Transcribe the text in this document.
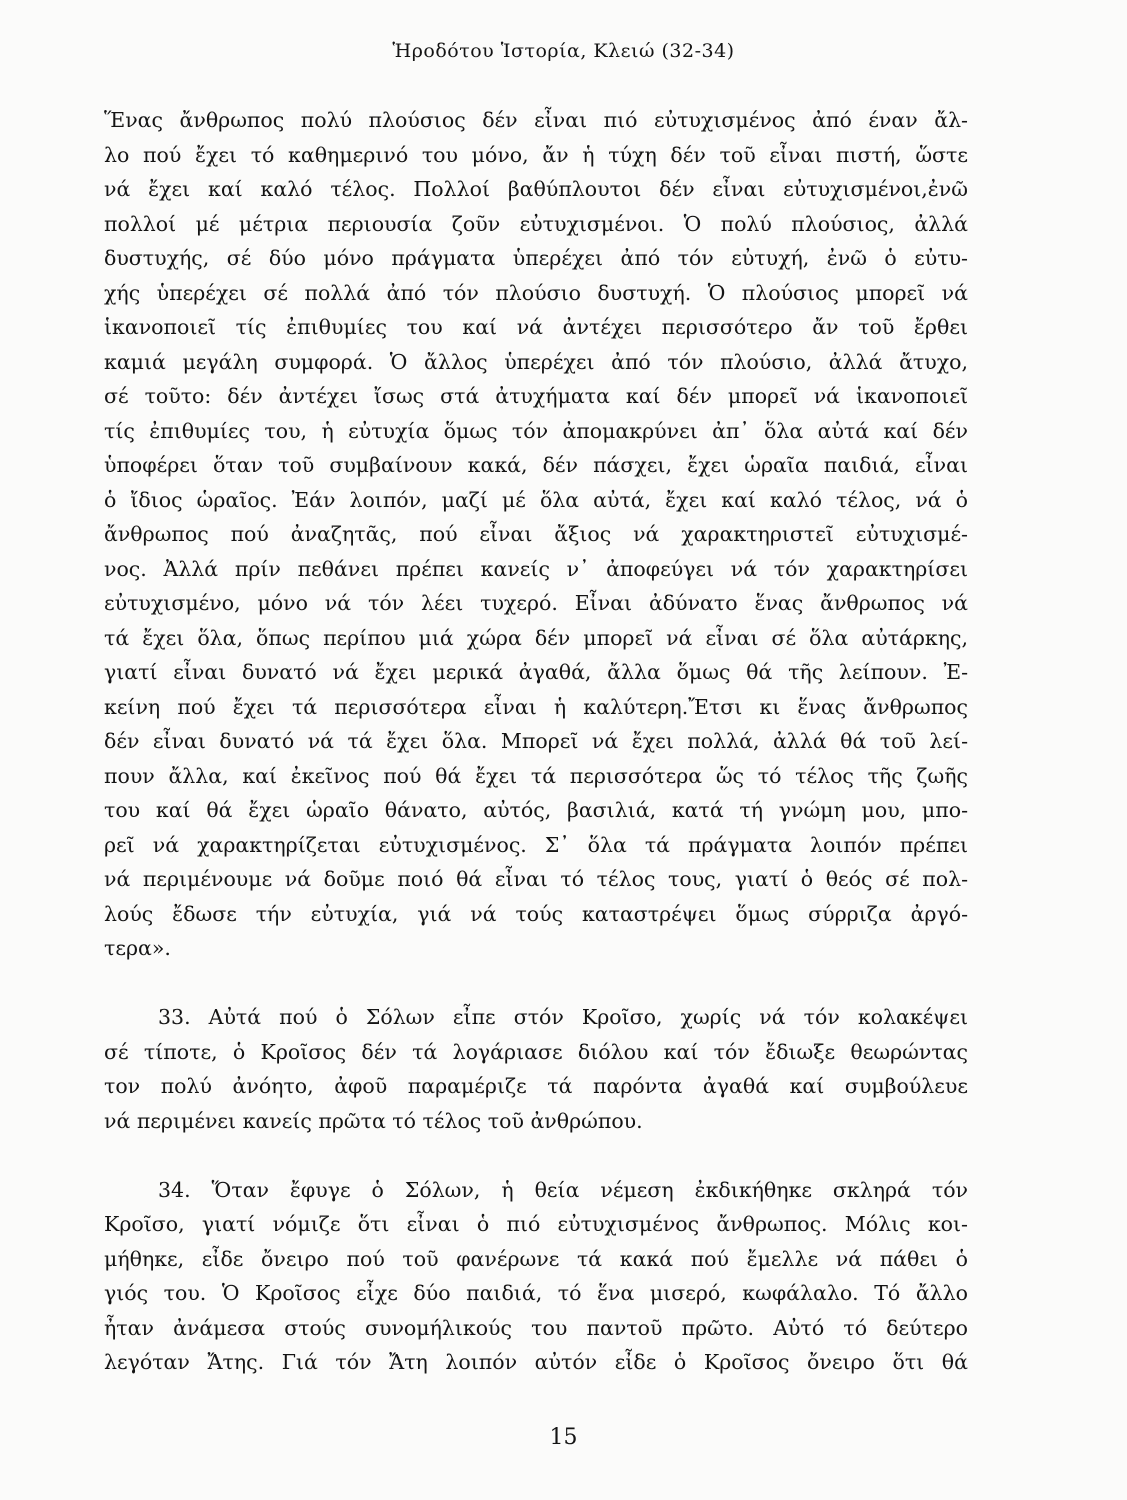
Ἡροδότου Ἱστορία, Κλειώ (32-34)
Ἕνας ἄνθρωπος πολύ πλούσιος δέν εἶναι πιό εὐτυχισμένος ἀπό έναν ἄλ-
λο πού ἔχει τό καθημερινό του μόνο, ἄν ἡ τύχη δέν τοῦ εἶναι πιστή, ὥστε
νά ἔχει καί καλό τέλος. Πολλοί βαθύπλουτοι δέν εἶναι εὐτυχισμένοι,ἐνῶ
πολλοί μέ μέτρια περιουσία ζοῦν εὐτυχισμένοι. Ὁ πολύ πλούσιος, ἀλλά
δυστυχής, σέ δύο μόνο πράγματα ὑπερέχει ἀπό τόν εὐτυχή, ἐνῶ ὁ εὐτυ-
χής ὑπερέχει σέ πολλά ἀπό τόν πλούσιο δυστυχή. Ὁ πλούσιος μπορεῖ νά
ἱκανοποιεῖ τίς ἐπιθυμίες του καί νά ἀντέχει περισσότερο ἄν τοῦ ἔρθει
καμιά μεγάλη συμφορά. Ὁ ἄλλος ὑπερέχει ἀπό τόν πλούσιο, ἀλλά ἄτυχο,
σέ τοῦτο: δέν ἀντέχει ἴσως στά ἀτυχήματα καί δέν μπορεῖ νά ἱκανοποιεῖ
τίς ἐπιθυμίες του, ἡ εὐτυχία ὅμως τόν ἀπομακρύνει ἀπ᾽ ὅλα αὐτά καί δέν
ὑποφέρει ὅταν τοῦ συμβαίνουν κακά, δέν πάσχει, ἔχει ὡραῖα παιδιά, εἶναι
ὁ ἴδιος ὡραῖος. Ἐάν λοιπόν, μαζί μέ ὅλα αὐτά, ἔχει καί καλό τέλος, νά ὁ
ἄνθρωπος πού ἀναζητᾶς, πού εἶναι ἄξιος νά χαρακτηριστεῖ εὐτυχισμέ-
νος. Ἀλλά πρίν πεθάνει πρέπει κανείς ν᾽ ἀποφεύγει νά τόν χαρακτηρίσει
εὐτυχισμένο, μόνο νά τόν λέει τυχερό. Εἶναι ἀδύνατο ἕνας ἄνθρωπος νά
τά ἔχει ὅλα, ὅπως περίπου μιά χώρα δέν μπορεῖ νά εἶναι σέ ὅλα αὐτάρκης,
γιατί εἶναι δυνατό νά ἔχει μερικά ἀγαθά, ἄλλα ὅμως θά τῆς λείπουν. Ἐ-
κείνη πού ἔχει τά περισσότερα εἶναι ἡ καλύτερη.Ἔτσι κι ἕνας ἄνθρωπος
δέν εἶναι δυνατό νά τά ἔχει ὅλα. Μπορεῖ νά ἔχει πολλά, ἀλλά θά τοῦ λεί-
πουν ἄλλα, καί ἐκεῖνος πού θά ἔχει τά περισσότερα ὥς τό τέλος τῆς ζωῆς
του καί θά ἔχει ὡραῖο θάνατο, αὐτός, βασιλιά, κατά τή γνώμη μου, μπο-
ρεῖ νά χαρακτηρίζεται εὐτυχισμένος. Σ᾽ ὅλα τά πράγματα λοιπόν πρέπει
νά περιμένουμε νά δοῦμε ποιό θά εἶναι τό τέλος τους, γιατί ὁ θεός σέ πολ-
λούς ἔδωσε τήν εὐτυχία, γιά νά τούς καταστρέψει ὅμως σύρριζα ἀργό-
τερα».
33. Αὐτά πού ὁ Σόλων εἶπε στόν Κροῖσο, χωρίς νά τόν κολακέψει
σέ τίποτε, ὁ Κροῖσος δέν τά λογάριασε διόλου καί τόν ἔδιωξε θεωρώντας
τον πολύ ἀνόητο, ἀφοῦ παραμέριζε τά παρόντα ἀγαθά καί συμβούλευε
νά περιμένει κανείς πρῶτα τό τέλος τοῦ ἀνθρώπου.
34. Ὅταν ἔφυγε ὁ Σόλων, ἡ θεία νέμεση ἐκδικήθηκε σκληρά τόν
Κροῖσο, γιατί νόμιζε ὅτι εἶναι ὁ πιό εὐτυχισμένος ἄνθρωπος. Μόλις κοι-
μήθηκε, εἶδε ὄνειρο πού τοῦ φανέρωνε τά κακά πού ἔμελλε νά πάθει ὁ
γιός του. Ὁ Κροῖσος εἶχε δύο παιδιά, τό ἕνα μισερό, κωφάλαλο. Τό ἄλλο
ἦταν ἀνάμεσα στούς συνομήλικούς του παντοῦ πρῶτο. Αὐτό τό δεύτερο
λεγόταν Ἄτης. Γιά τόν Ἄτη λοιπόν αὐτόν εἶδε ὁ Κροῖσος ὄνειρο ὅτι θά
15
